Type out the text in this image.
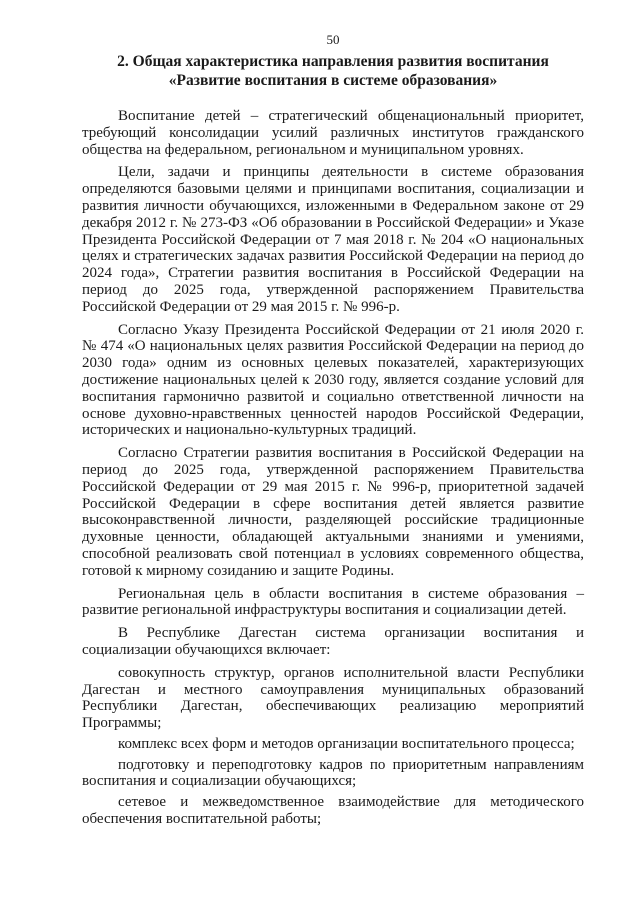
50
2. Общая характеристика направления развития воспитания
«Развитие воспитания в системе образования»

Воспитание детей – стратегический общенациональный приоритет, требующий консолидации усилий различных институтов гражданского общества на федеральном, региональном и муниципальном уровнях.

Цели, задачи и принципы деятельности в системе образования определяются базовыми целями и принципами воспитания, социализации и развития личности обучающихся, изложенными в Федеральном законе от 29 декабря 2012 г. № 273-ФЗ «Об образовании в Российской Федерации» и Указе Президента Российской Федерации от 7 мая 2018 г. № 204 «О национальных целях и стратегических задачах развития Российской Федерации на период до 2024 года», Стратегии развития воспитания в Российской Федерации на период до 2025 года, утвержденной распоряжением Правительства Российской Федерации от 29 мая 2015 г. № 996-р.

Согласно Указу Президента Российской Федерации от 21 июля 2020 г. № 474 «О национальных целях развития Российской Федерации на период до 2030 года» одним из основных целевых показателей, характеризующих достижение национальных целей к 2030 году, является создание условий для воспитания гармонично развитой и социально ответственной личности на основе духовно-нравственных ценностей народов Российской Федерации, исторических и национально-культурных традиций.

Согласно Стратегии развития воспитания в Российской Федерации на период до 2025 года, утвержденной распоряжением Правительства Российской Федерации от 29 мая 2015 г. № 996-р, приоритетной задачей Российской Федерации в сфере воспитания детей является развитие высоконравственной личности, разделяющей российские традиционные духовные ценности, обладающей актуальными знаниями и умениями, способной реализовать свой потенциал в условиях современного общества, готовой к мирному созиданию и защите Родины.

Региональная цель в области воспитания в системе образования – развитие региональной инфраструктуры воспитания и социализации детей.

В Республике Дагестан система организации воспитания и социализации обучающихся включает:

совокупность структур, органов исполнительной власти Республики Дагестан и местного самоуправления муниципальных образований Республики Дагестан, обеспечивающих реализацию мероприятий Программы;

комплекс всех форм и методов организации воспитательного процесса;

подготовку и переподготовку кадров по приоритетным направлениям воспитания и социализации обучающихся;

сетевое и межведомственное взаимодействие для методического обеспечения воспитательной работы;
